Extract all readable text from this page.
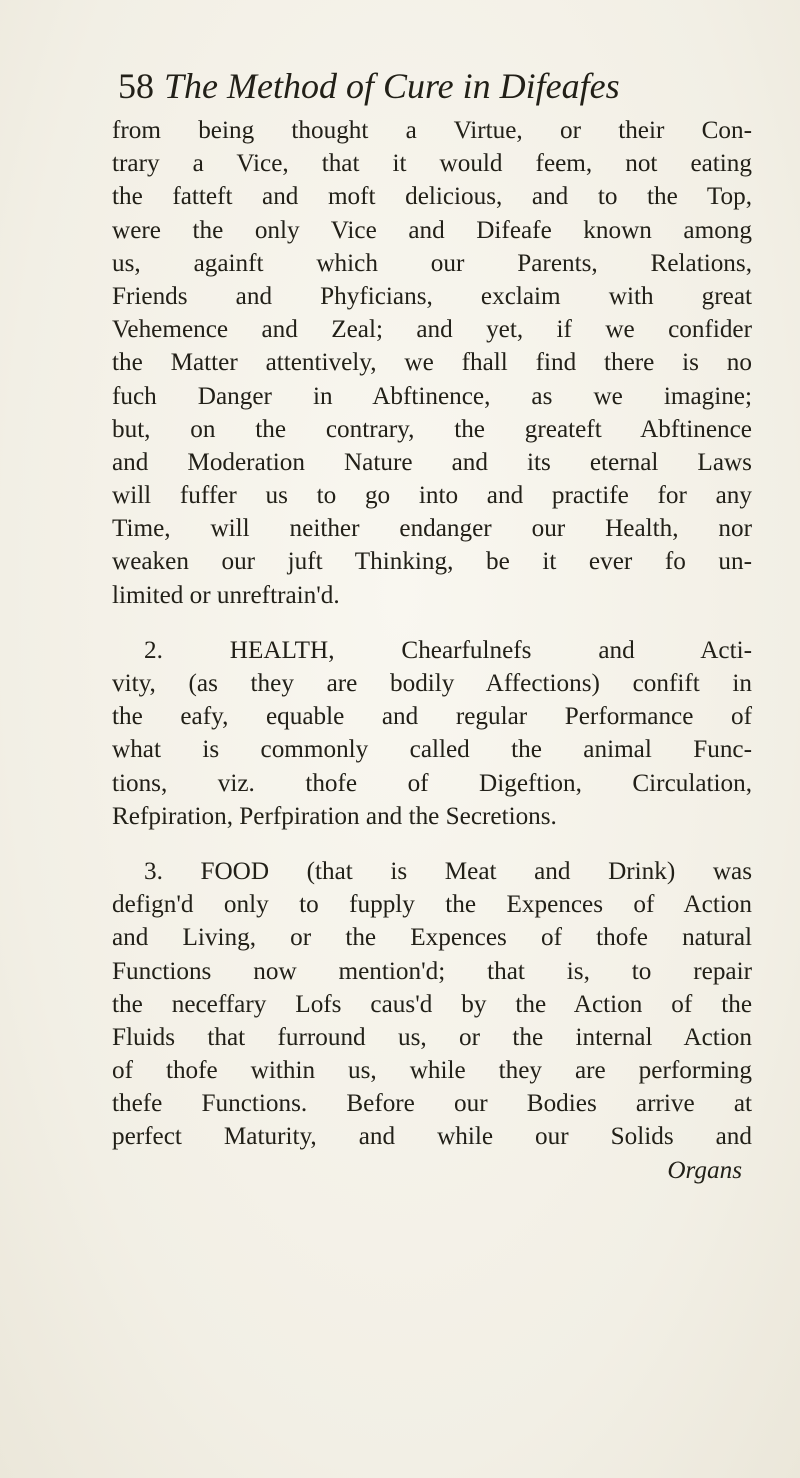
58 The Method of Cure in Difeafes
from being thought a Virtue, or their Con-
trary a Vice, that it would feem, not eating
the fatteft and moft delicious, and to the Top,
were the only Vice and Difeafe known among
us, againft which our Parents, Relations,
Friends and Phyficians, exclaim with great
Vehemence and Zeal; and yet, if we confider
the Matter attentively, we fhall find there is no
fuch Danger in Abftinence, as we imagine;
but, on the contrary, the greateft Abftinence
and Moderation Nature and its eternal Laws
will fuffer us to go into and practife for any
Time, will neither endanger our Health, nor
weaken our juft Thinking, be it ever fo un-
limited or unreftrain'd.
2. HEALTH, Chearfulnefs and Acti-
vity, (as they are bodily Affections) confift in
the eafy, equable and regular Performance of
what is commonly called the animal Func-
tions, viz. thofe of Digeftion, Circulation,
Refpiration, Perfpiration and the Secretions.
3. FOOD (that is Meat and Drink) was
defign'd only to fupply the Expences of Action
and Living, or the Expences of thofe natural
Functions now mention'd; that is, to repair
the neceffary Lofs caus'd by the Action of the
Fluids that furround us, or the internal Action
of thofe within us, while they are performing
thefe Functions. Before our Bodies arrive at
perfect Maturity, and while our Solids and
Organs
